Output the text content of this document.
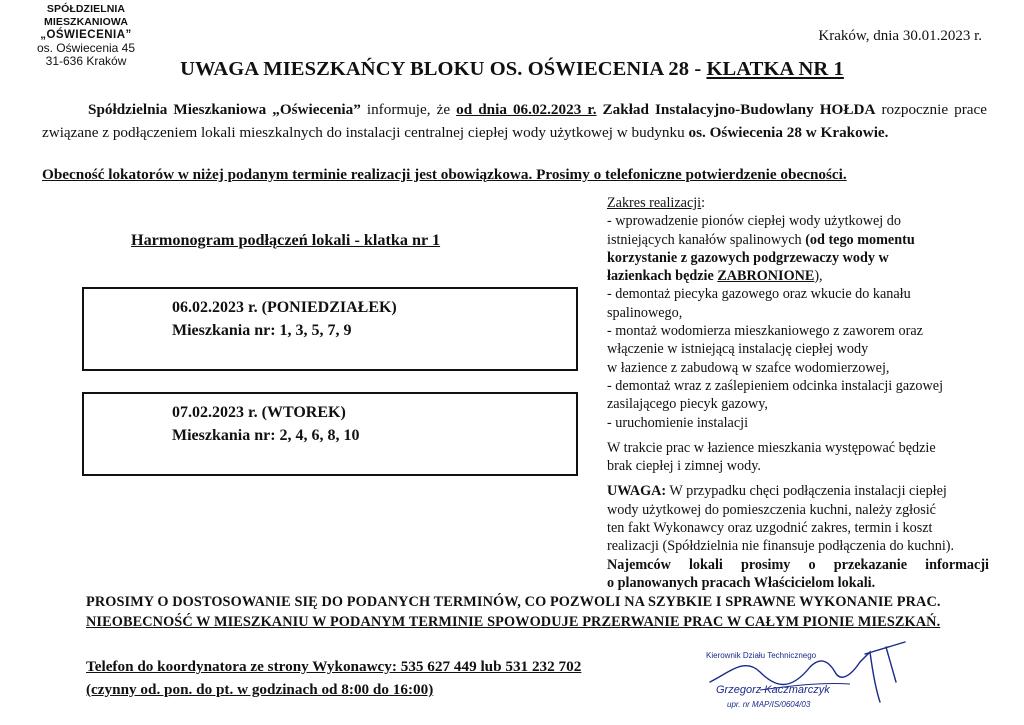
SPÓŁDZIELNIA MIESZKANIOWA
„OŚWIECENIA”
os. Oświecenia 45
31-636 Kraków
Kraków, dnia 30.01.2023 r.
UWAGA MIESZKAŃCY BLOKU OS. OŚWIECENIA 28 - KLATKA NR 1
Spółdzielnia Mieszkaniowa „Oświecenia” informuje, że od dnia 06.02.2023 r. Zakład Instalacyjno-Budowlany HOŁDA rozpocznie prace związane z podłączeniem lokali mieszkalnych do instalacji centralnej ciepłej wody użytkowej w budynku os. Oświecenia 28 w Krakowie.
Obecność lokatorów w niżej podanym terminie realizacji jest obowiązkowa. Prosimy o telefoniczne potwierdzenie obecności.
Harmonogram podłączeń lokali - klatka nr 1
06.02.2023 r. (PONIEDZIAŁEK)
Mieszkania nr: 1, 3, 5, 7, 9
07.02.2023 r. (WTOREK)
Mieszkania nr: 2, 4, 6, 8, 10

Zakres realizacji:

- wprowadzenie pionów ciepłej wody użytkowej do

istniejących kanałów spalinowych (od tego momentu

korzystanie z gazowych podgrzewaczy wody w

łazienkach będzie ZABRONIONE),

- demontaż piecyka gazowego oraz wkucie do kanału

spalinowego,

- montaż wodomierza mieszkaniowego z zaworem oraz

włączenie w istniejącą instalację ciepłej wody

w łazience z zabudową w szafce wodomierzowej,

- demontaż wraz z zaślepieniem odcinka instalacji gazowej

zasilającego piecyk gazowy,

- uruchomienie instalacji

W trakcie prac w łazience mieszkania występować będzie

brak ciepłej i zimnej wody.

UWAGA: W przypadku chęci podłączenia instalacji ciepłej

wody użytkowej do pomieszczenia kuchni, należy zgłosić

ten fakt Wykonawcy oraz uzgodnić zakres, termin i koszt

realizacji (Spółdzielnia nie finansuje podłączenia do kuchni).

Najemców lokali prosimy o przekazanie informacji

o planowanych pracach Właścicielom lokali.

PROSIMY O DOSTOSOWANIE SIĘ DO PODANYCH TERMINÓW, CO POZWOLI NA SZYBKIE I SPRAWNE WYKONANIE PRAC.
NIEOBECNOŚĆ W MIESZKANIU W PODANYM TERMINIE SPOWODUJE PRZERWANIE PRAC W CAŁYM PIONIE MIESZKAŃ.
Telefon do koordynatora ze strony Wykonawcy: 535 627 449 lub 531 232 702
(czynny od. pon. do pt. w godzinach od 8:00 do 16:00)
Kierownik Działu Technicznego
Grzegorz Kaczmarczyk
upr. nr MAP/IS/0604/03
